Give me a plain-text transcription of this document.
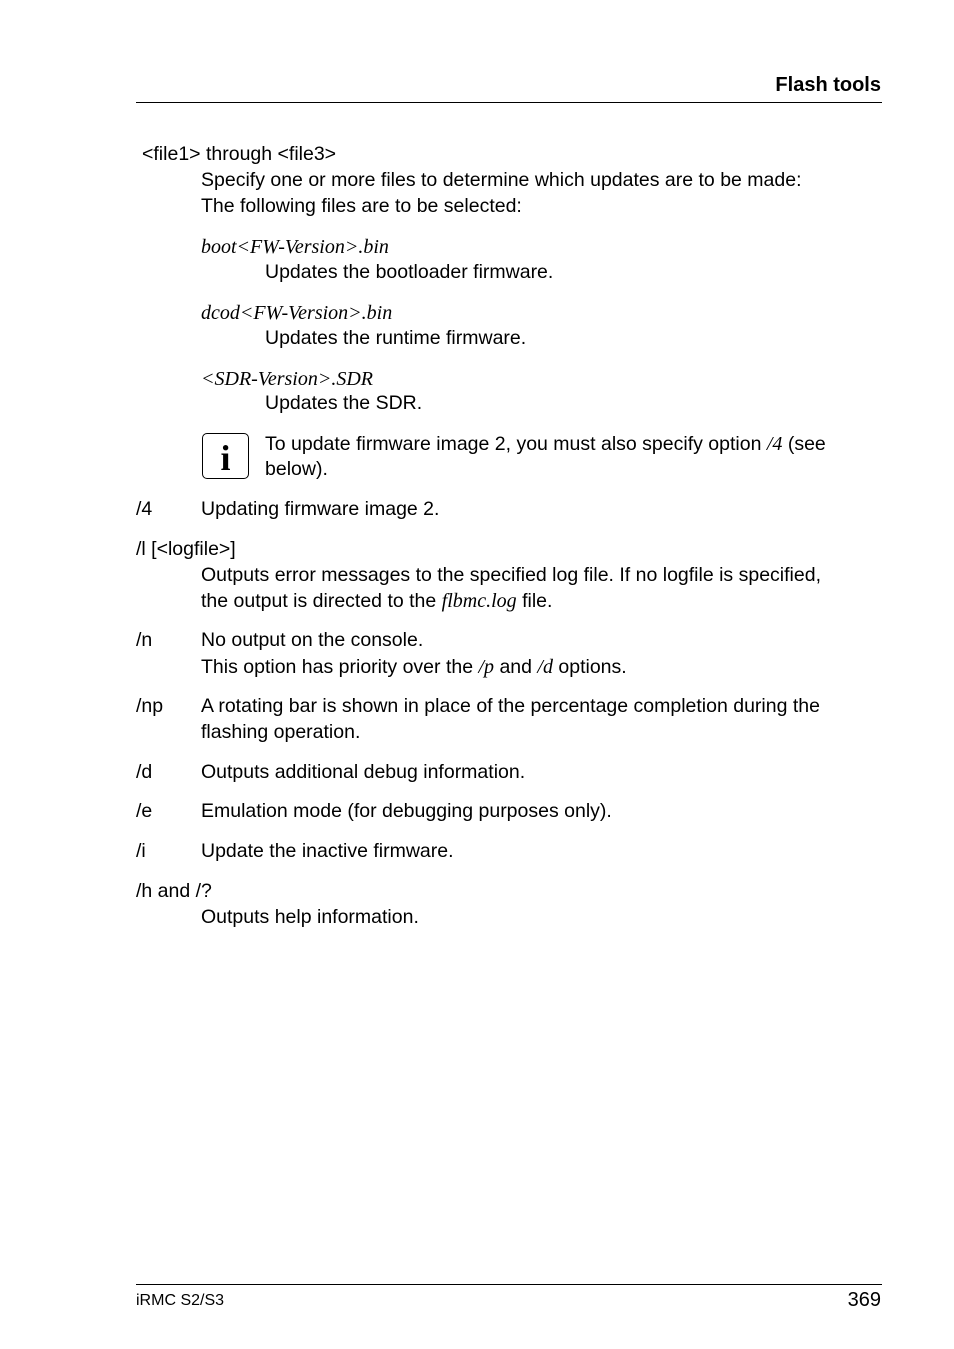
Flash tools
<file1> through <file3>
Specify one or more files to determine which updates are to be made:
The following files are to be selected:
boot<FW-Version>.bin
Updates the bootloader firmware.
dcod<FW-Version>.bin
Updates the runtime firmware.
<SDR-Version>.SDR
Updates the SDR.
i	To update firmware image 2, you must also specify option /4 (see
below).
/4 Updating firmware image 2.
/l [<logfile>]
Outputs error messages to the specified log file. If no logfile is specified,
the output is directed to the flbmc.log file.
/n No output on the console.
This option has priority over the /p and /d options.
/np A rotating bar is shown in place of the percentage completion during the
flashing operation.
/d Outputs additional debug information.
/e Emulation mode (for debugging purposes only).
/i	Update the inactive firmware.
/h and /?
Outputs help information.
iRMC S2/S3	369
